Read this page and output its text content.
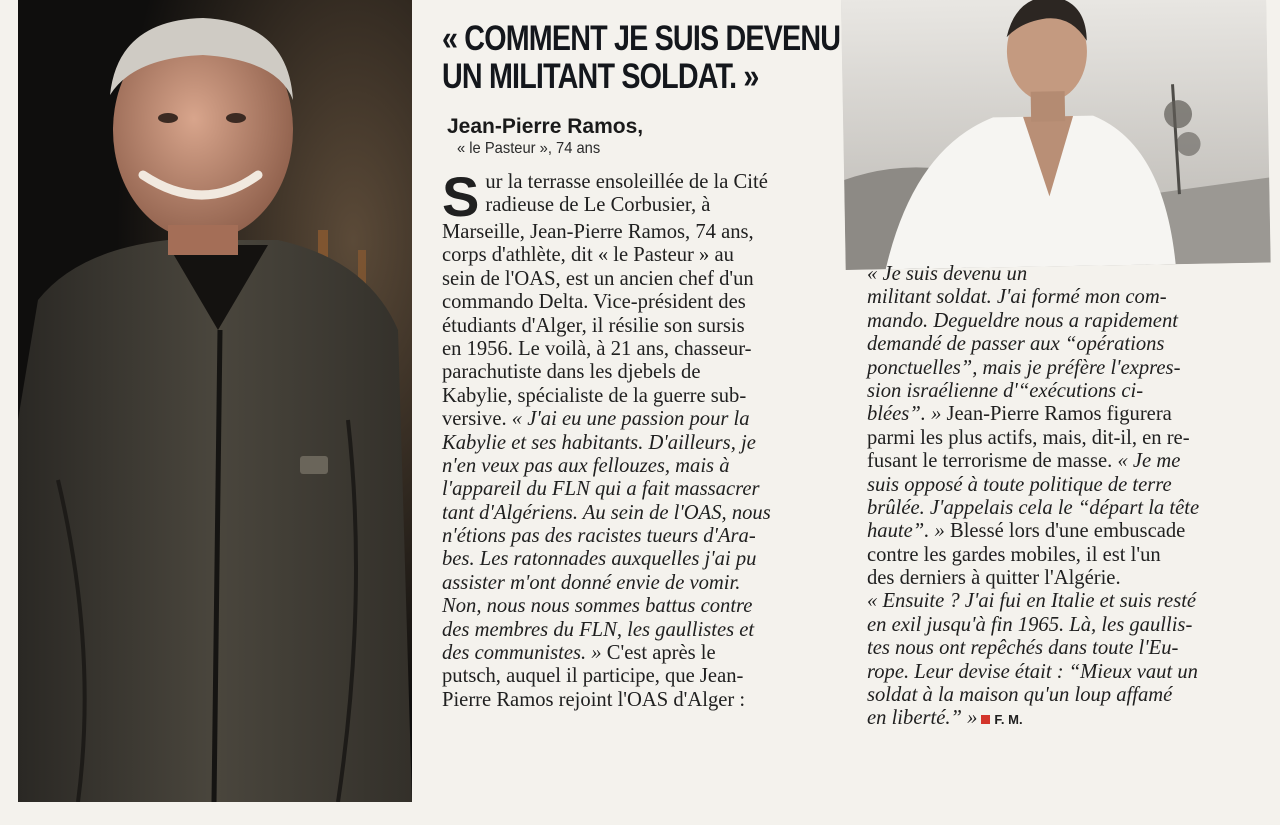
« COMMENT JE SUIS DEVENU
UN MILITANT SOLDAT. »
Jean-Pierre Ramos,
« le Pasteur », 74 ans
S ur la terrasse ensoleillée de la Cité
radieuse de Le Corbusier, à
Marseille, Jean-Pierre Ramos, 74 ans,
corps d'athlète, dit « le Pasteur » au
sein de l'OAS, est un ancien chef d'un
commando Delta. Vice-président des
étudiants d'Alger, il résilie son sursis
en 1956. Le voilà, à 21 ans, chasseur-
parachutiste dans les djebels de
Kabylie, spécialiste de la guerre sub-
versive. « J'ai eu une passion pour la
Kabylie et ses habitants. D'ailleurs, je
n'en veux pas aux fellouzes, mais à
l'appareil du FLN qui a fait massacrer
tant d'Algériens. Au sein de l'OAS, nous
n'étions pas des racistes tueurs d'Ara-
bes. Les ratonnades auxquelles j'ai pu
assister m'ont donné envie de vomir.
Non, nous nous sommes battus contre
des membres du FLN, les gaullistes et
des communistes. » C'est après le
putsch, auquel il participe, que Jean-
Pierre Ramos rejoint l'OAS d'Alger :
« Je suis devenu un
militant soldat. J'ai formé mon com-
mando. Degueldre nous a rapidement
demandé de passer aux “opérations
ponctuelles”, mais je préfère l'expres-
sion israélienne d'“exécutions ci-
blées”. » Jean-Pierre Ramos figurera
parmi les plus actifs, mais, dit-il, en re-
fusant le terrorisme de masse. « Je me
suis opposé à toute politique de terre
brûlée. J'appelais cela le “départ la tête
haute”. » Blessé lors d'une embuscade
contre les gardes mobiles, il est l'un
des derniers à quitter l'Algérie.
« Ensuite ? J'ai fui en Italie et suis resté
en exil jusqu'à fin 1965. Là, les gaullis-
tes nous ont repêchés dans toute l'Eu-
rope. Leur devise était : “Mieux vaut un
soldat à la maison qu'un loup affamé
en liberté.” » F. M.
